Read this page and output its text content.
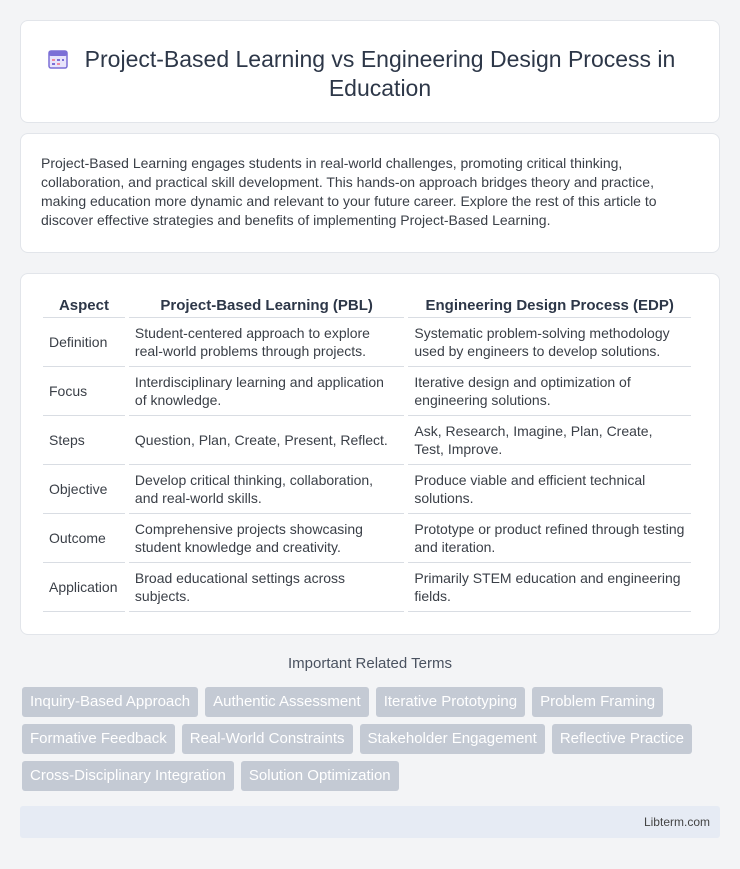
Project-Based Learning vs Engineering Design Process in Education

Project-Based Learning engages students in real-world challenges, promoting critical thinking, collaboration, and practical skill development. This hands-on approach bridges theory and practice, making education more dynamic and relevant to your future career. Explore the rest of this article to discover effective strategies and benefits of implementing Project-Based Learning.

Aspect	Project-Based Learning (PBL)	Engineering Design Process (EDP)
Definition	Student-centered approach to explore real-world problems through projects.	Systematic problem-solving methodology used by engineers to develop solutions.
Focus	Interdisciplinary learning and application of knowledge.	Iterative design and optimization of engineering solutions.
Steps	Question, Plan, Create, Present, Reflect.	Ask, Research, Imagine, Plan, Create, Test, Improve.
Objective	Develop critical thinking, collaboration, and real-world skills.	Produce viable and efficient technical solutions.
Outcome	Comprehensive projects showcasing student knowledge and creativity.	Prototype or product refined through testing and iteration.
Application	Broad educational settings across subjects.	Primarily STEM education and engineering fields.
Important Related Terms
Inquiry-Based Approach	Authentic Assessment	Iterative Prototyping	Problem Framing
Formative Feedback	Real-World Constraints	Stakeholder Engagement	Reflective Practice
Cross-Disciplinary Integration	Solution Optimization
Libterm.com
